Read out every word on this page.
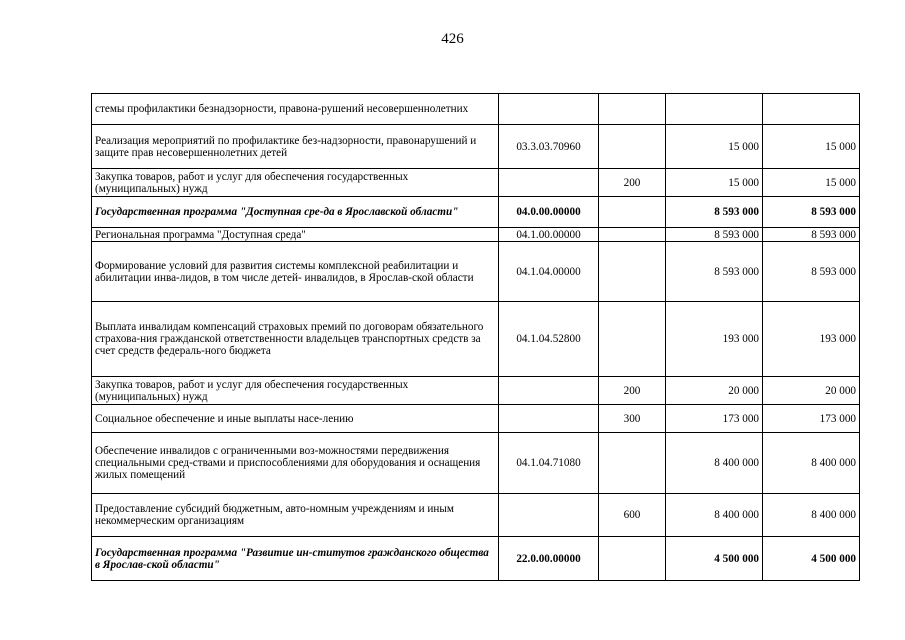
426
стемы профилактики безнадзорности, правона-рушений несовершеннолетних				
Реализация мероприятий по профилактике без-надзорности, правонарушений и защите прав несовершеннолетних детей	03.3.03.70960		15 000	15 000
Закупка товаров, работ и услуг для обеспечения государственных (муниципальных) нужд		200	15 000	15 000
Государственная программа "Доступная сре-да в Ярославской области"	04.0.00.00000		8 593 000	8 593 000
Региональная программа "Доступная среда"	04.1.00.00000		8 593 000	8 593 000
Формирование условий для развития системы комплексной реабилитации и абилитации инва-лидов, в том числе детей- инвалидов, в Ярослав-ской области	04.1.04.00000		8 593 000	8 593 000
Выплата инвалидам компенсаций страховых премий по договорам обязательного страхова-ния гражданской ответственности владельцев транспортных средств за счет средств федераль-ного бюджета	04.1.04.52800		193 000	193 000
Закупка товаров, работ и услуг для обеспечения государственных (муниципальных) нужд		200	20 000	20 000
Социальное обеспечение и иные выплаты насе-лению		300	173 000	173 000
Обеспечение инвалидов с ограниченными воз-можностями передвижения специальными сред-ствами и приспособлениями для оборудования и оснащения жилых помещений	04.1.04.71080		8 400 000	8 400 000
Предоставление субсидий бюджетным, авто-номным учреждениям и иным некоммерческим организациям		600	8 400 000	8 400 000
Государственная программа "Развитие ин-ститутов гражданского общества в Ярослав-ской области"	22.0.00.00000		4 500 000	4 500 000
